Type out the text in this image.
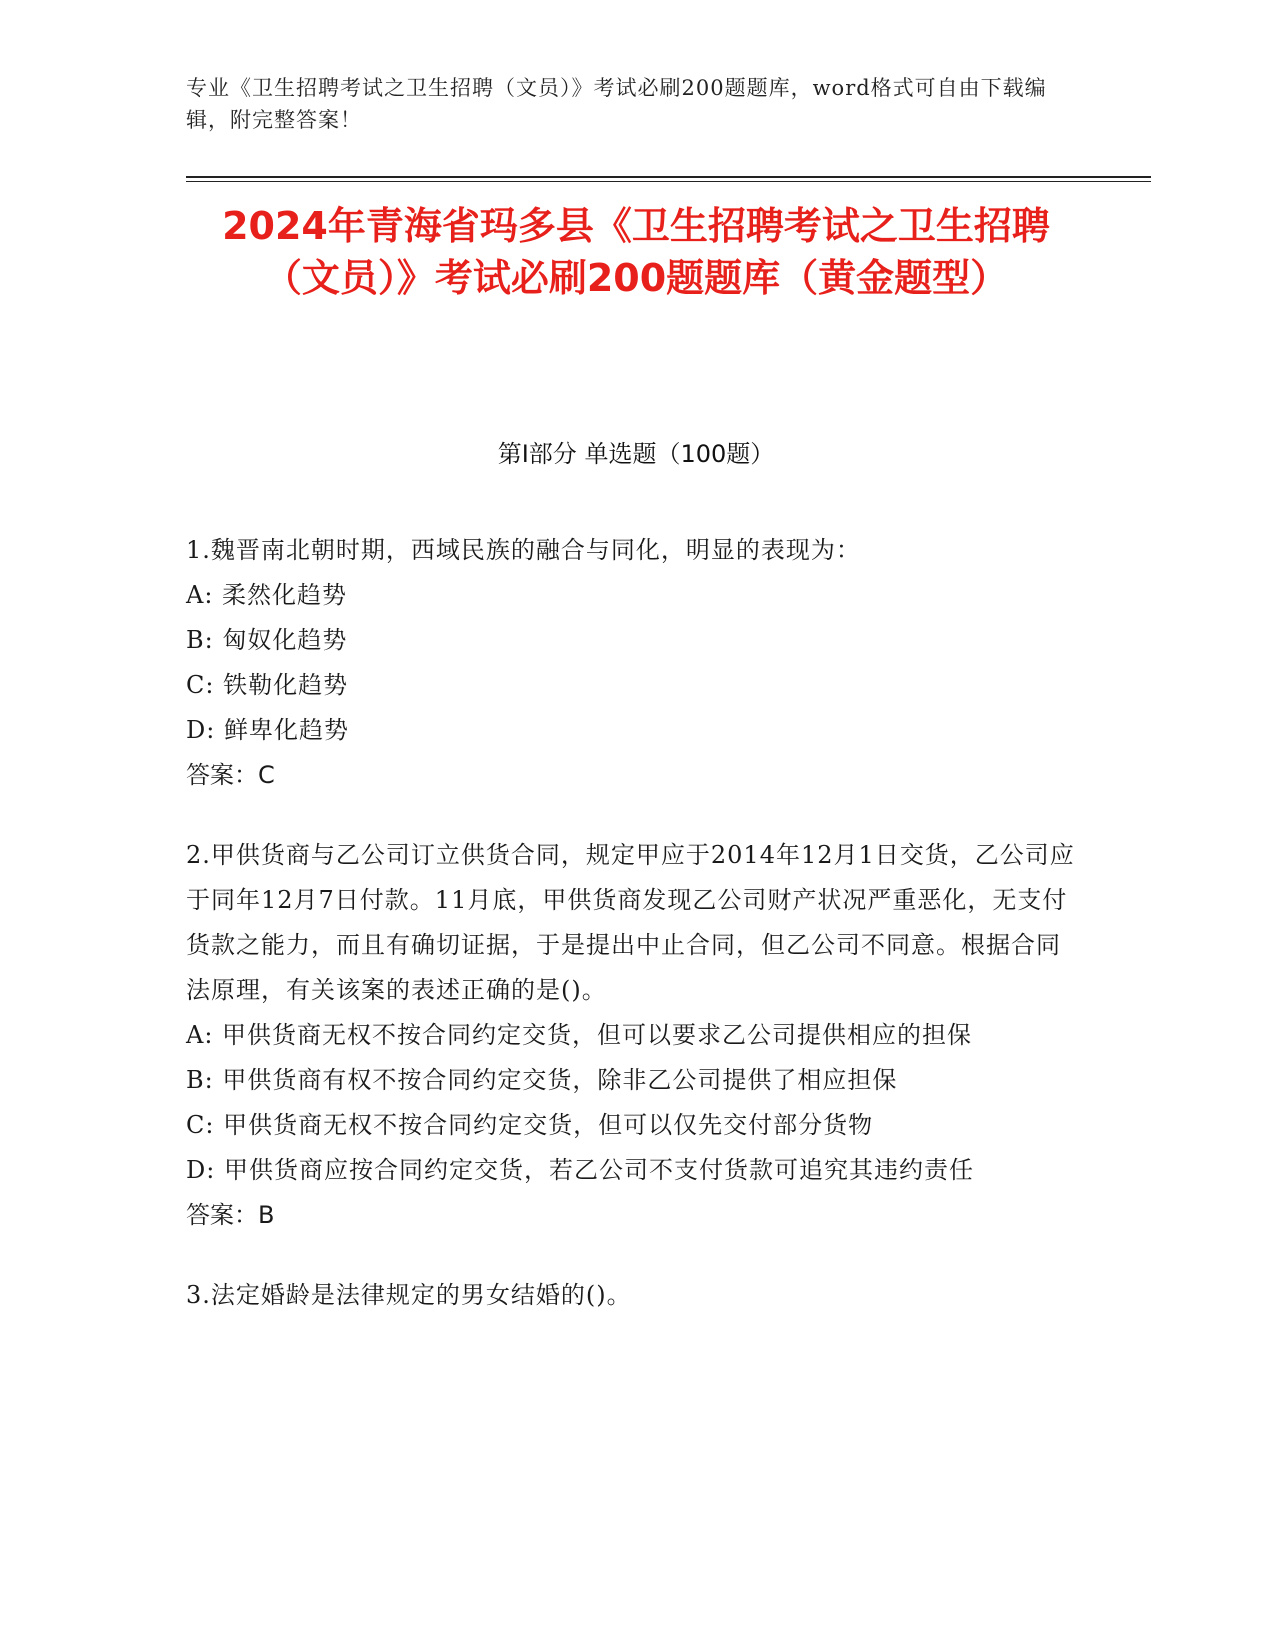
专业《卫生招聘考试之卫生招聘（文员）》考试必刷200题题库，word格式可自由下载编辑，附完整答案！
2024年青海省玛多县《卫生招聘考试之卫生招聘（文员）》考试必刷200题题库（黄金题型）
第Ⅰ部分 单选题（100题）

1.魏晋南北朝时期，西域民族的融合与同化，明显的表现为：

A: 柔然化趋势

B: 匈奴化趋势

C: 铁勒化趋势

D: 鲜卑化趋势

答案：C

2.甲供货商与乙公司订立供货合同，规定甲应于2014年12月1日交货，乙公司应于同年12月7日付款。11月底，甲供货商发现乙公司财产状况严重恶化，无支付货款之能力，而且有确切证据，于是提出中止合同，但乙公司不同意。根据合同法原理，有关该案的表述正确的是()。

A: 甲供货商无权不按合同约定交货，但可以要求乙公司提供相应的担保

B: 甲供货商有权不按合同约定交货，除非乙公司提供了相应担保

C: 甲供货商无权不按合同约定交货，但可以仅先交付部分货物

D: 甲供货商应按合同约定交货，若乙公司不支付货款可追究其违约责任

答案：B

3.法定婚龄是法律规定的男女结婚的()。
